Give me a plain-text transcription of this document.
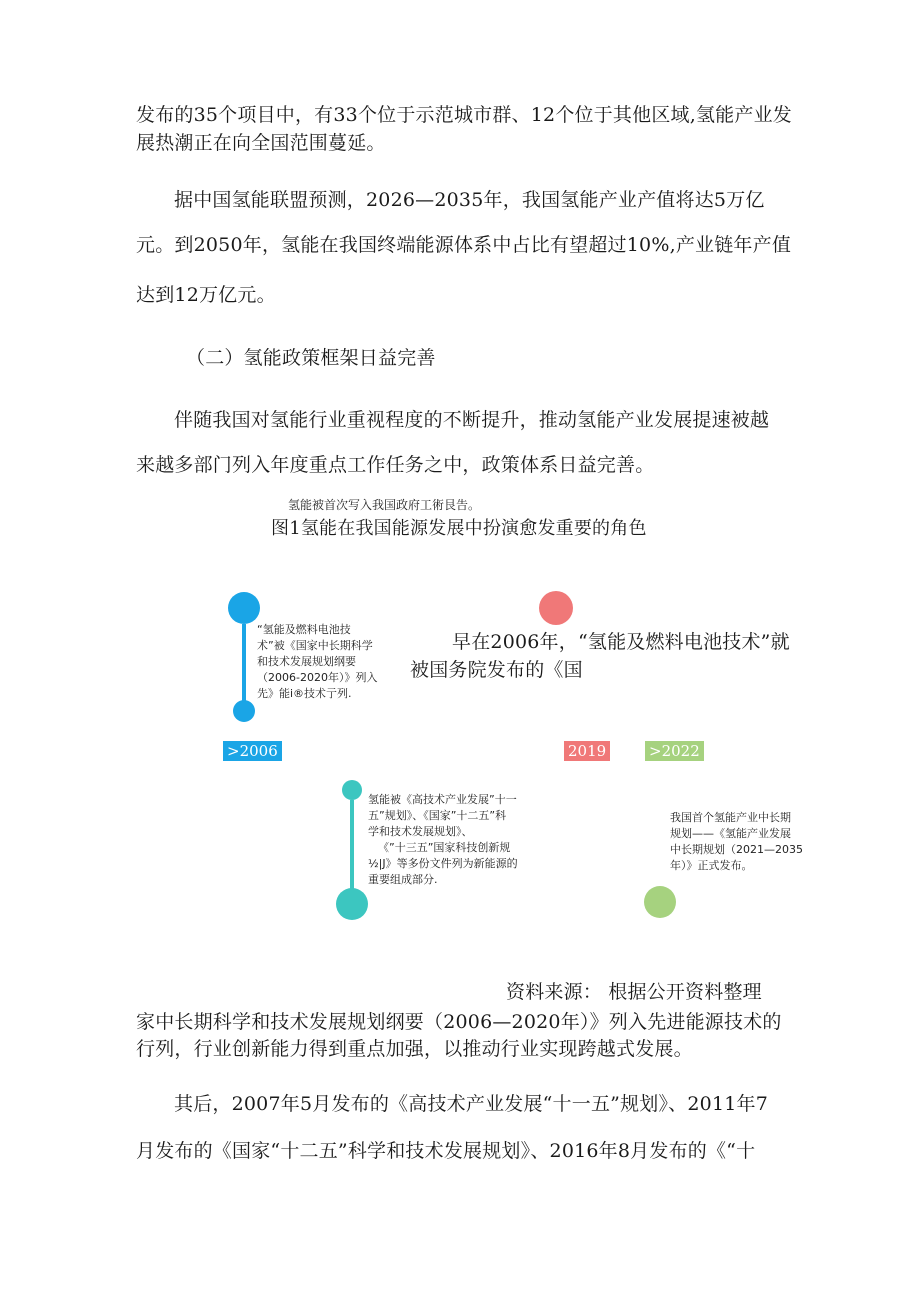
发布的35个项目中，有33个位于示范城市群、12个位于其他区域,氢能产业发
展热潮正在向全国范围蔓延。
据中国氢能联盟预测，2026—2035年，我国氢能产业产值将达5万亿
元。到2050年，氢能在我国终端能源体系中占比有望超过10%,产业链年产值
达到12万亿元。
（二）氢能政策框架日益完善
伴随我国对氢能行业重视程度的不断提升，推动氢能产业发展提速被越
来越多部门列入年度重点工作任务之中，政策体系日益完善。
氢能被首次写入我国政府工術艮告。
图1氢能在我国能源发展中扮演愈发重要的角色
“氢能及燃料电池技
术”被《国家中长期科学
和技术发展规划纲要
（2006-2020年）》列入
先》能i®技术亍列.
>2006	2019	>2022
早在2006年，“氢能及燃料电池技术”就
被国务院发布的《国
氢能被《高技术产业发展”十一
五”规划》、《国家”十二五”科
学和技术发展规划》、
《”十三五”国家科技创新规
½|J》等多份文件列为新能源的
重要组成部分.
我国首个氢能产业中长期
规划——《氢能产业发展
中长期规划（2021—2035
年）》正式发布。
资料来源： 根据公开资料整理
家中长期科学和技术发展规划纲要（2006—2020年）》列入先进能源技术的
行列，行业创新能力得到重点加强，以推动行业实现跨越式发展。
其后，2007年5月发布的《高技术产业发展“十一五”规划》、2011年7
月发布的《国家“十二五”科学和技术发展规划》、2016年8月发布的《“十
